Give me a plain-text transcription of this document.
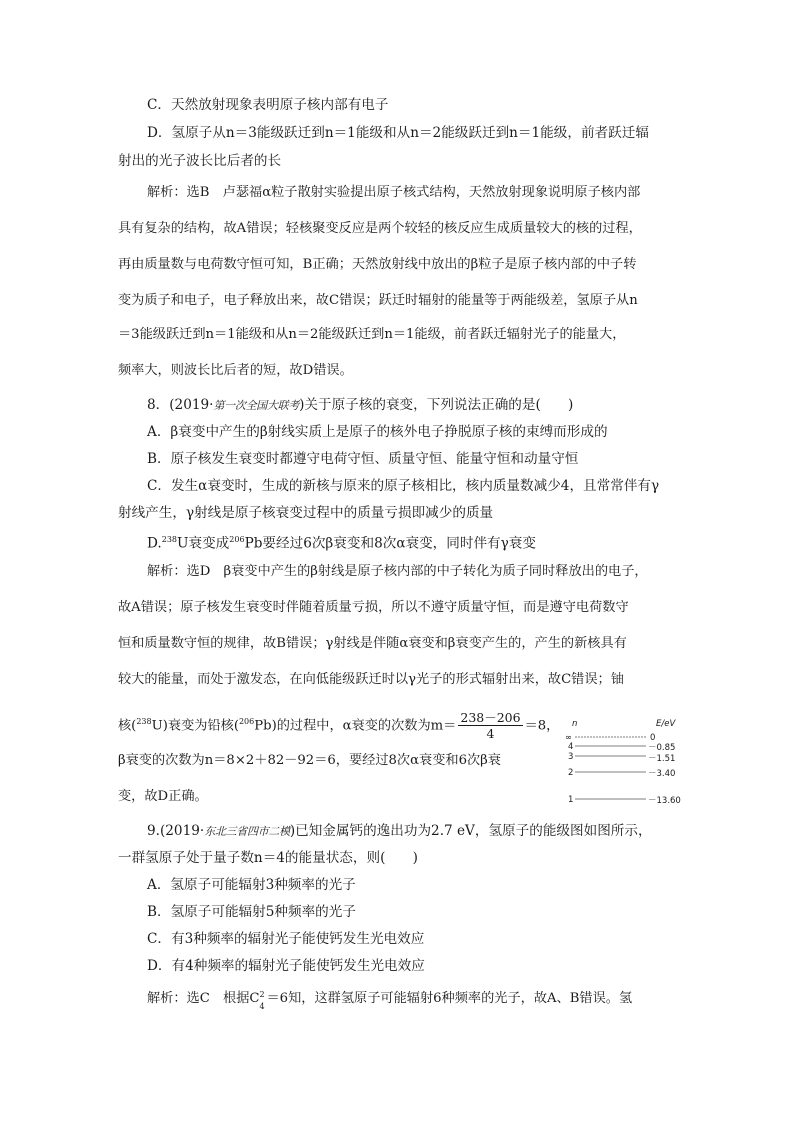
C．天然放射现象表明原子核内部有电子
D．氢原子从n＝3能级跃迁到n＝1能级和从n＝2能级跃迁到n＝1能级，前者跃迁辐
射出的光子波长比后者的长
解析：选B　卢瑟福α粒子散射实验提出原子核式结构，天然放射现象说明原子核内部
具有复杂的结构，故A错误；轻核聚变反应是两个较轻的核反应生成质量较大的核的过程，
再由质量数与电荷数守恒可知，B正确；天然放射线中放出的β粒子是原子核内部的中子转
变为质子和电子，电子释放出来，故C错误；跃迁时辐射的能量等于两能级差，氢原子从n
＝3能级跃迁到n＝1能级和从n＝2能级跃迁到n＝1能级，前者跃迁辐射光子的能量大，
频率大，则波长比后者的短，故D错误。
8．(2019·第一次全国大联考)关于原子核的衰变，下列说法正确的是(　　)
A．β衰变中产生的β射线实质上是原子的核外电子挣脱原子核的束缚而形成的
B．原子核发生衰变时都遵守电荷守恒、质量守恒、能量守恒和动量守恒
C．发生α衰变时，生成的新核与原来的原子核相比，核内质量数减少4，且常常伴有γ
射线产生，γ射线是原子核衰变过程中的质量亏损即减少的质量
D.$^{238}$U衰变成$^{206}$Pb要经过6次β衰变和8次α衰变，同时伴有γ衰变
解析：选D　β衰变中产生的β射线是原子核内部的中子转化为质子同时释放出的电子，
故A错误；原子核发生衰变时伴随着质量亏损，所以不遵守质量守恒，而是遵守电荷数守
恒和质量数守恒的规律，故B错误；γ射线是伴随α衰变和β衰变产生的，产生的新核具有
较大的能量，而处于激发态，在向低能级跃迁时以γ光子的形式辐射出来，故C错误；铀
核($^{238}$U)衰变为铅核($^{206}$Pb)的过程中，α衰变的次数为$m= \frac{238-206}{4} =8$，
β衰变的次数为n＝8×2＋82－92＝6，要经过8次α衰变和6次β衰
变，故D正确。
n	E/eV
∞	0
4	－0.85
3	－1.51
2	－3.40
1	－13.60
9.(2019·东北三省四市二模)已知金属钙的逸出功为2.7 eV，氢原子的能级图如图所示，
一群氢原子处于量子数n＝4的能量状态，则(　　)
A．氢原子可能辐射3种频率的光子
B．氢原子可能辐射5种频率的光子
C．有3种频率的辐射光子能使钙发生光电效应
D．有4种频率的辐射光子能使钙发生光电效应
解析：选C　根据C 2
4
＝6知，这群氢原子可能辐射6种频率的光子，故A、B错误。氢
